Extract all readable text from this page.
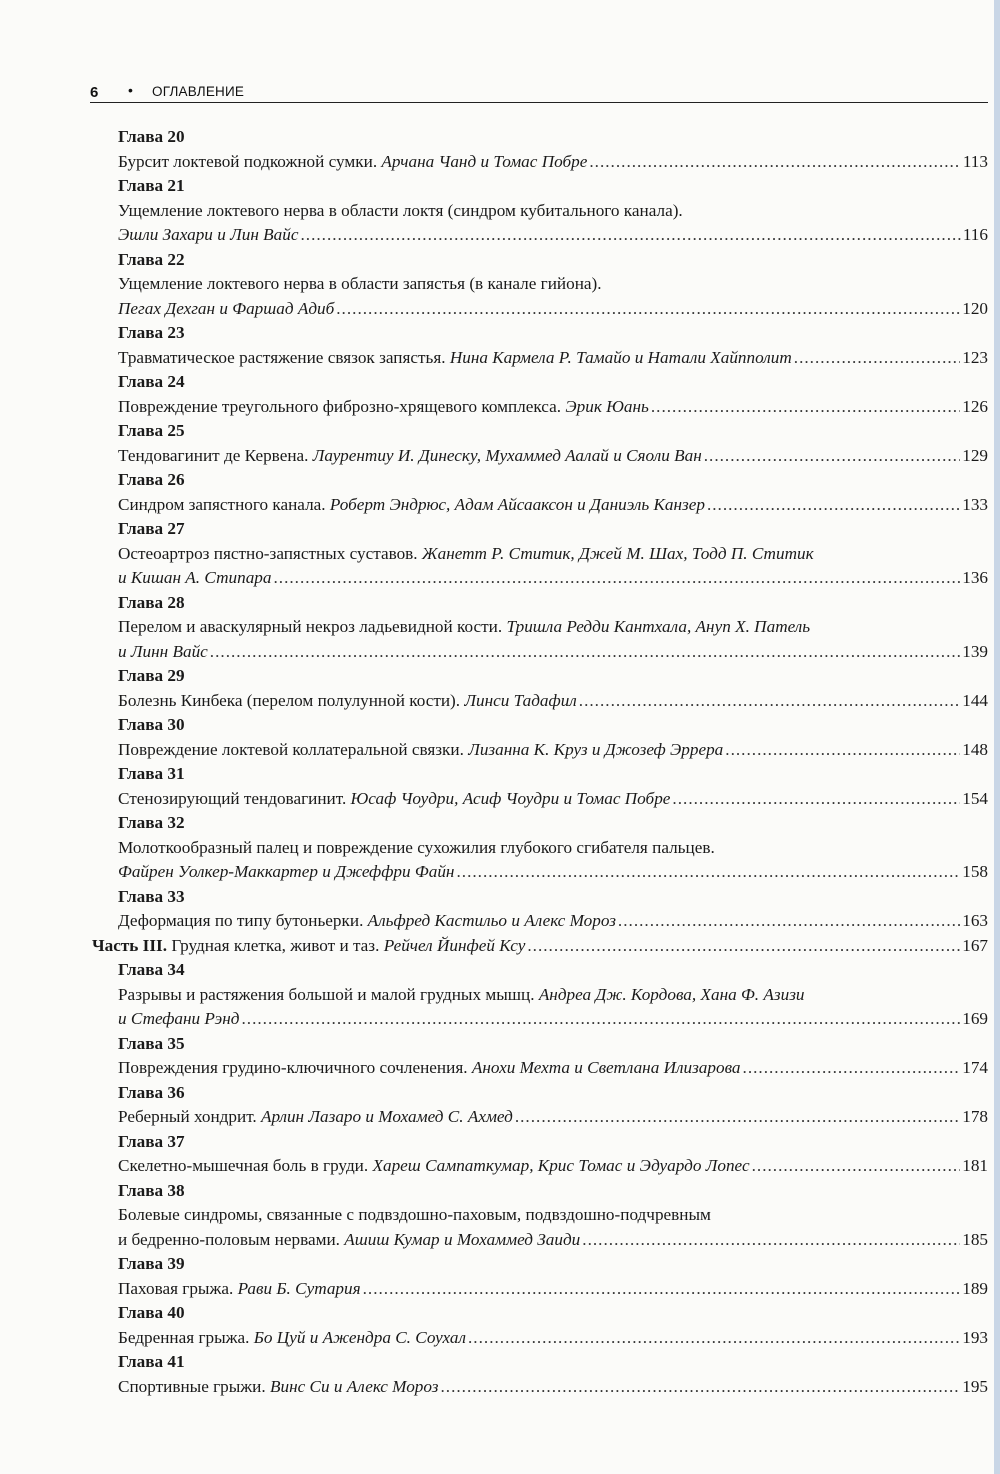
6 • ОГЛАВЛЕНИЕ
Глава 20
Бурсит локтевой подкожной сумки. Арчана Чанд и Томас Побре .....	113
Глава 21
Ущемление локтевого нерва в области локтя (синдром кубитального канала).
Эшли Захари и Лин Вайс .....	116
Глава 22
Ущемление локтевого нерва в области запястья (в канале гийона).
Пегах Дехган и Фаршад Адиб .....	120
Глава 23
Травматическое растяжение связок запястья. Нина Кармела Р. Тамайо и Натали Хайпполит .....	123
Глава 24
Повреждение треугольного фиброзно-хрящевого комплекса. Эрик Юань .....	126
Глава 25
Тендовагинит де Кервена. Лаурентиу И. Динеску, Мухаммед Аалай и Сяоли Ван .....	129
Глава 26
Синдром запястного канала. Роберт Эндрюс, Адам Айсааксон и Даниэль Канзер .....	133
Глава 27
Остеоартроз пястно-запястных суставов. Жанетт Р. Ститик, Джей М. Шах, Тодд П. Ститик
и Кишан А. Стипара .....	136
Глава 28
Перелом и аваскулярный некроз ладьевидной кости. Тришла Редди Кантхала, Ануп Х. Патель
и Линн Вайс .....	139
Глава 29
Болезнь Кинбека (перелом полулунной кости). Линси Тадафил .....	144
Глава 30
Повреждение локтевой коллатеральной связки. Лизанна К. Круз и Джозеф Эррера .....	148
Глава 31
Стенозирующий тендовагинит. Юсаф Чоудри, Асиф Чоудри и Томас Побре .....	154
Глава 32
Молоткообразный палец и повреждение сухожилия глубокого сгибателя пальцев.
Файрен Уолкер-Маккартер и Джеффри Файн .....	158
Глава 33
Деформация по типу бутоньерки. Альфред Кастильо и Алекс Мороз .....	163
Часть III. Грудная клетка, живот и таз. Рейчел Йинфей Ксу .....	167
Глава 34
Разрывы и растяжения большой и малой грудных мышц. Андреа Дж. Кордова, Хана Ф. Азизи
и Стефани Рэнд .....	169
Глава 35
Повреждения грудино-ключичного сочленения. Анохи Мехта и Светлана Илизарова .....	174
Глава 36
Реберный хондрит. Арлин Лазаро и Мохамед С. Ахмед .....	178
Глава 37
Скелетно-мышечная боль в груди. Хареш Сампаткумар, Крис Томас и Эдуардо Лопес .....	181
Глава 38
Болевые синдромы, связанные с подвздошно-паховым, подвздошно-подчревным
и бедренно-половым нервами. Ашиш Кумар и Мохаммед Заиди .....	185
Глава 39
Паховая грыжа. Рави Б. Сутария .....	189
Глава 40
Бедренная грыжа. Бо Цуй и Ажендра С. Соухал .....	193
Глава 41
Спортивные грыжи. Винс Си и Алекс Мороз .....	195
